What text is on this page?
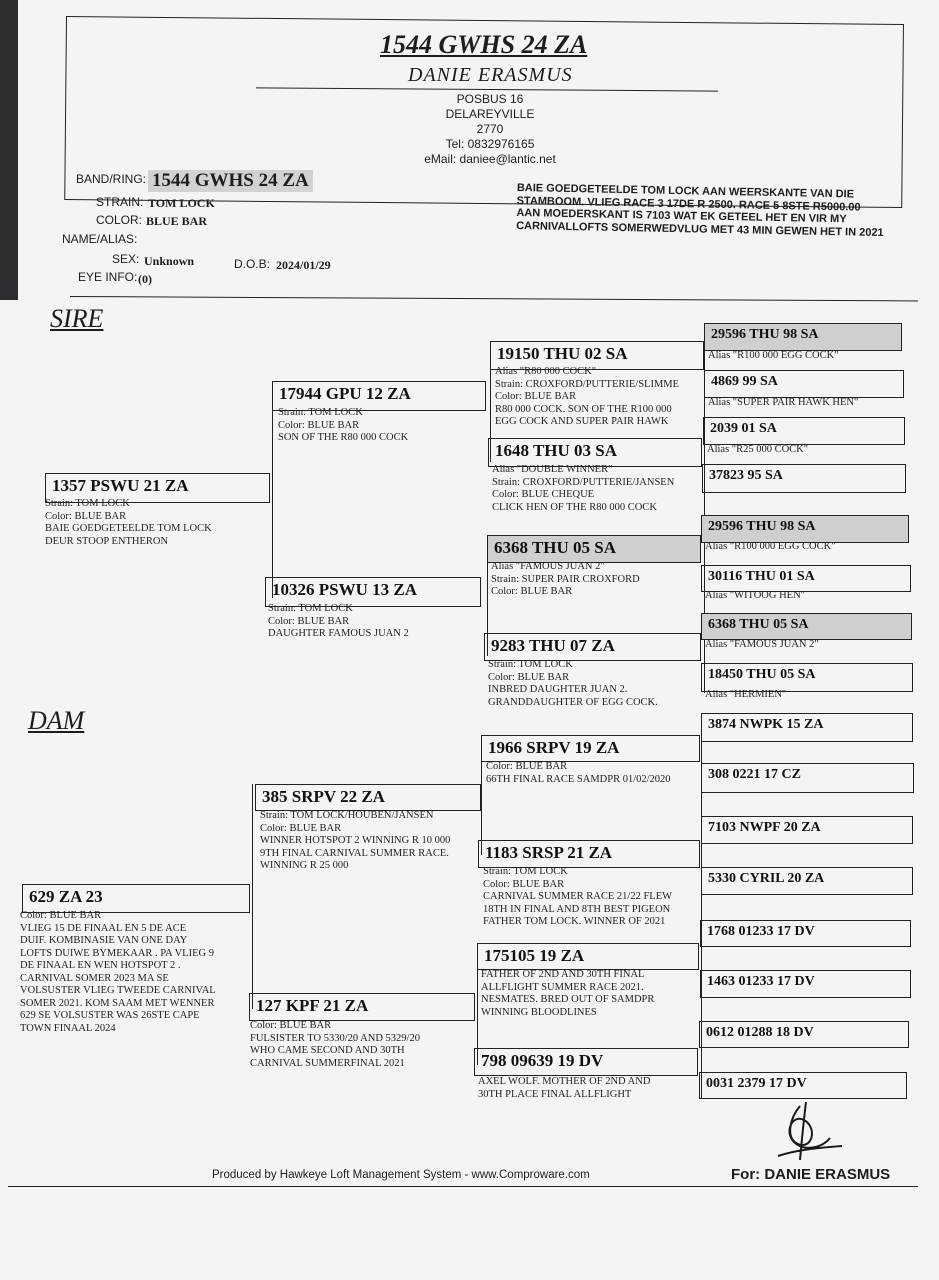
1544 GWHS 24 ZA
DANIE ERASMUS
POSBUS 16
DELAREYVILLE
2770
Tel: 0832976165
eMail: daniee@lantic.net
BAND/RING: 1544 GWHS 24 ZA
STRAIN: TOM LOCK
COLOR: BLUE BAR
NAME/ALIAS:
SEX: Unknown	D.O.B: 2024/01/29
EYE INFO: (0)
BAIE GOEDGETEELDE TOM LOCK AAN WEERSKANTE VAN DIE STAMBOOM. VLIEG RACE 3 17DE R 2500. RACE 5 8STE R5000.00 AAN MOEDERSKANT IS 7103 WAT EK GETEEL HET EN VIR MY CARNIVALLOFTS SOMERWEDVLUG MET 43 MIN GEWEN HET IN 2021
SIRE
1357 PSWU 21 ZA
Strain: TOM LOCK
Color: BLUE BAR
BAIE GOEDGETEELDE TOM LOCK
DEUR STOOP ENTHERON
17944 GPU 12 ZA
Strain: TOM LOCK
Color: BLUE BAR
SON OF THE R80 000 COCK
10326 PSWU 13 ZA
Strain: TOM LOCK
Color: BLUE BAR
DAUGHTER FAMOUS JUAN 2
19150 THU 02 SA
Alias "R80 000 COCK"
Strain: CROXFORD/PUTTERIE/SLIMME
Color: BLUE BAR
R80 000 COCK. SON OF THE R100 000
EGG COCK AND SUPER PAIR HAWK
1648 THU 03 SA
Alias "DOUBLE WINNER"
Strain: CROXFORD/PUTTERIE/JANSEN
Color: BLUE CHEQUE
CLICK HEN OF THE R80 000 COCK
6368 THU 05 SA
Alias "FAMOUS JUAN 2"
Strain: SUPER PAIR CROXFORD
Color: BLUE BAR
9283 THU 07 ZA
Strain: TOM LOCK
Color: BLUE BAR
INBRED DAUGHTER JUAN 2.
GRANDDAUGHTER OF EGG COCK.
29596 THU 98 SA
Alias "R100 000 EGG COCK"
4869 99 SA
Alias "SUPER PAIR HAWK HEN"
2039 01 SA
Alias "R25 000 COCK"
37823 95 SA
29596 THU 98 SA
Alias "R100 000 EGG COCK"
30116 THU 01 SA
Alias "WITOOG HEN"
6368 THU 05 SA
Alias "FAMOUS JUAN 2"
18450 THU 05 SA
Alias "HERMIEN"
DAM
629 ZA 23
Color: BLUE BAR
VLIEG 15 DE FINAAL EN 5 DE ACE
DUIF. KOMBINASIE VAN ONE DAY
LOFTS DUIWE BYMEKAAR . PA VLIEG 9
DE FINAAL EN WEN HOTSPOT 2 .
CARNIVAL SOMER 2023 MA SE
VOLSUSTER VLIEG TWEEDE CARNIVAL
SOMER 2021. KOM SAAM MET WENNER
629 SE VOLSUSTER WAS 26STE CAPE
TOWN FINAAL 2024
385 SRPV 22 ZA
Strain: TOM LOCK/HOUBEN/JANSEN
Color: BLUE BAR
WINNER HOTSPOT 2 WINNING R 10 000
9TH FINAL CARNIVAL SUMMER RACE.
WINNING R 25 000
127 KPF 21 ZA
Color: BLUE BAR
FULSISTER TO 5330/20 AND 5329/20
WHO CAME SECOND AND 30TH
CARNIVAL SUMMERFINAL 2021
1966 SRPV 19 ZA
Color: BLUE BAR
66TH FINAL RACE SAMDPR 01/02/2020
1183 SRSP 21 ZA
Strain: TOM LOCK
Color: BLUE BAR
CARNIVAL SUMMER RACE 21/22 FLEW
18TH IN FINAL AND 8TH BEST PIGEON
FATHER TOM LOCK. WINNER OF 2021
175105 19 ZA
FATHER OF 2ND AND 30TH FINAL
ALLFLIGHT SUMMER RACE 2021.
NESMATES. BRED OUT OF SAMDPR
WINNING BLOODLINES
798 09639 19 DV
AXEL WOLF. MOTHER OF 2ND AND
30TH PLACE FINAL ALLFLIGHT
3874 NWPK 15 ZA
308 0221 17 CZ
7103 NWPF 20 ZA
5330 CYRIL 20 ZA
1768 01233 17 DV
1463 01233 17 DV
0612 01288 18 DV
0031 2379 17 DV
Produced by Hawkeye Loft Management System - www.Comproware.com	For: DANIE ERASMUS
